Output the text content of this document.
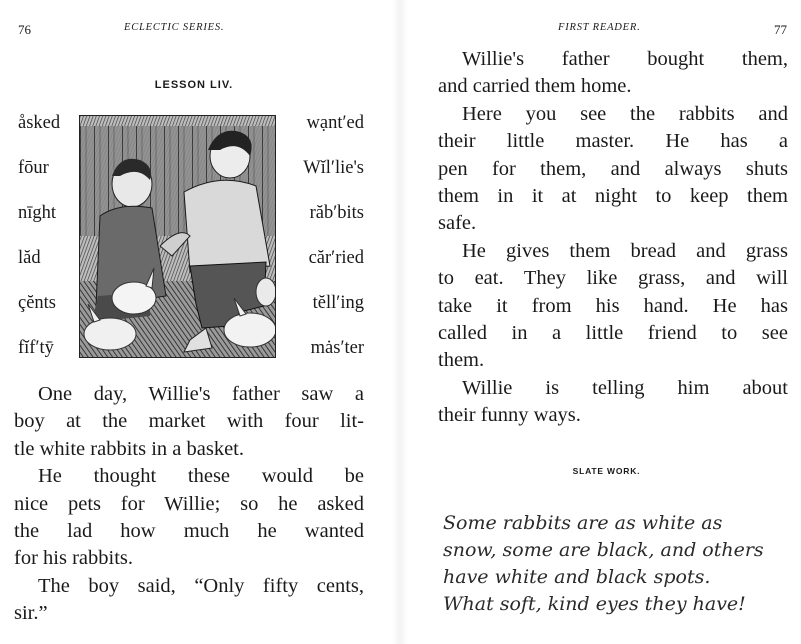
76	ECLECTIC SERIES.
LESSON LIV.
åsked
fōur
nīght
lăd
çĕnts
fĭf′tȳ
wạnt′ed
Wĭl′lie's
răb′bits
căr′ried
tĕll′ing
mȧs′ter
One day, Willie's father saw a
boy at the market with four lit-
tle white rabbits in a basket.
He thought these would be
nice pets for Willie; so he asked
the lad how much he wanted
for his rabbits.
The boy said, “Only fifty cents,
sir.”
FIRST READER.	77
Willie's father bought them,
and carried them home.
Here you see the rabbits and
their little master. He has a
pen for them, and always shuts
them in it at night to keep them
safe.
He gives them bread and grass
to eat. They like grass, and will
take it from his hand. He has
called in a little friend to see
them.
Willie is telling him about
their funny ways.
SLATE WORK.
Some rabbits are as white as
snow, some are black, and others
have white and black spots.
What soft, kind eyes they have!
